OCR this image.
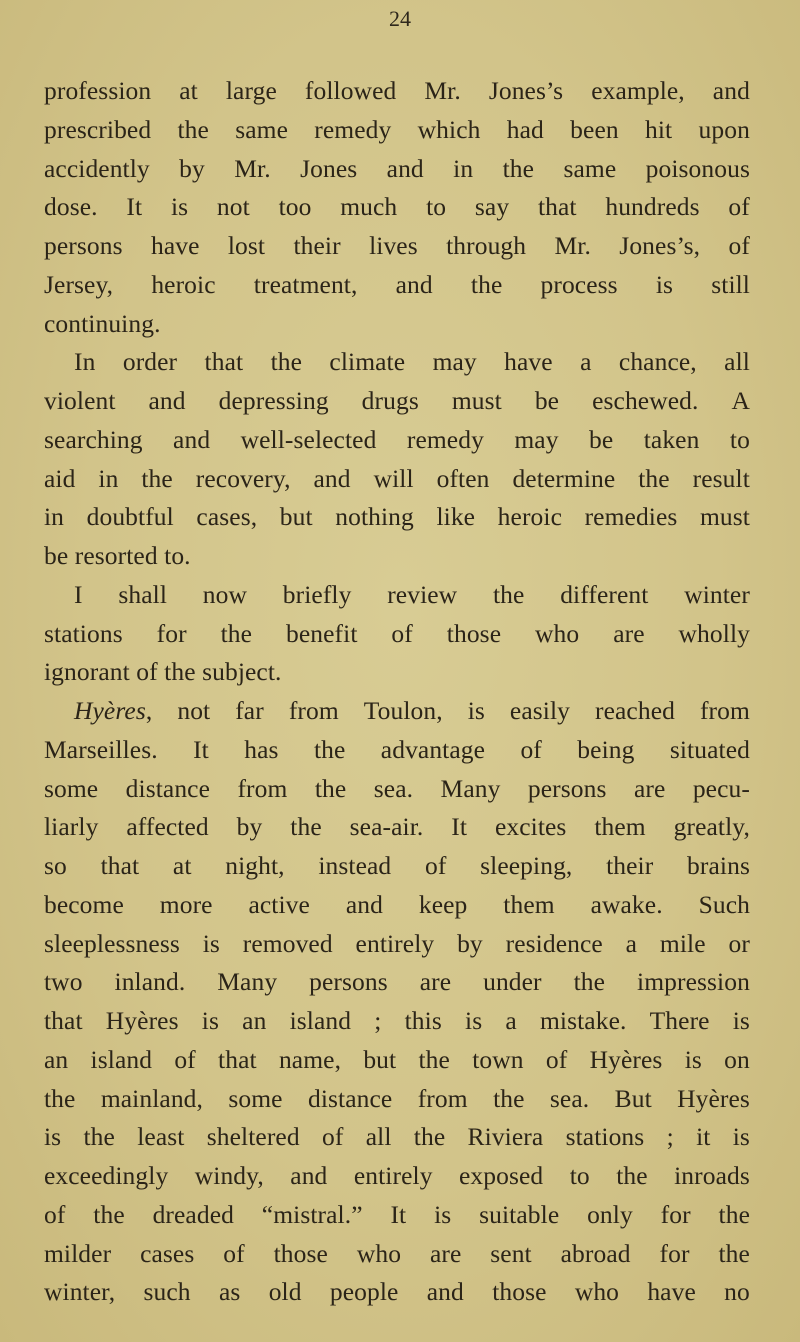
24
profession at large followed Mr. Jones’s example, and
prescribed the same remedy which had been hit upon
accidently by Mr. Jones and in the same poisonous
dose. It is not too much to say that hundreds of
persons have lost their lives through Mr. Jones’s, of
Jersey, heroic treatment, and the process is still
continuing.
In order that the climate may have a chance, all
violent and depressing drugs must be eschewed. A
searching and well-selected remedy may be taken to
aid in the recovery, and will often determine the result
in doubtful cases, but nothing like heroic remedies must
be resorted to.
I shall now briefly review the different winter
stations for the benefit of those who are wholly
ignorant of the subject.
Hyères, not far from Toulon, is easily reached from
Marseilles. It has the advantage of being situated
some distance from the sea. Many persons are pecu-
liarly affected by the sea-air. It excites them greatly,
so that at night, instead of sleeping, their brains
become more active and keep them awake. Such
sleeplessness is removed entirely by residence a mile or
two inland. Many persons are under the impression
that Hyères is an island ; this is a mistake. There is
an island of that name, but the town of Hyères is on
the mainland, some distance from the sea. But Hyères
is the least sheltered of all the Riviera stations ; it is
exceedingly windy, and entirely exposed to the inroads
of the dreaded “mistral.” It is suitable only for the
milder cases of those who are sent abroad for the
winter, such as old people and those who have no
